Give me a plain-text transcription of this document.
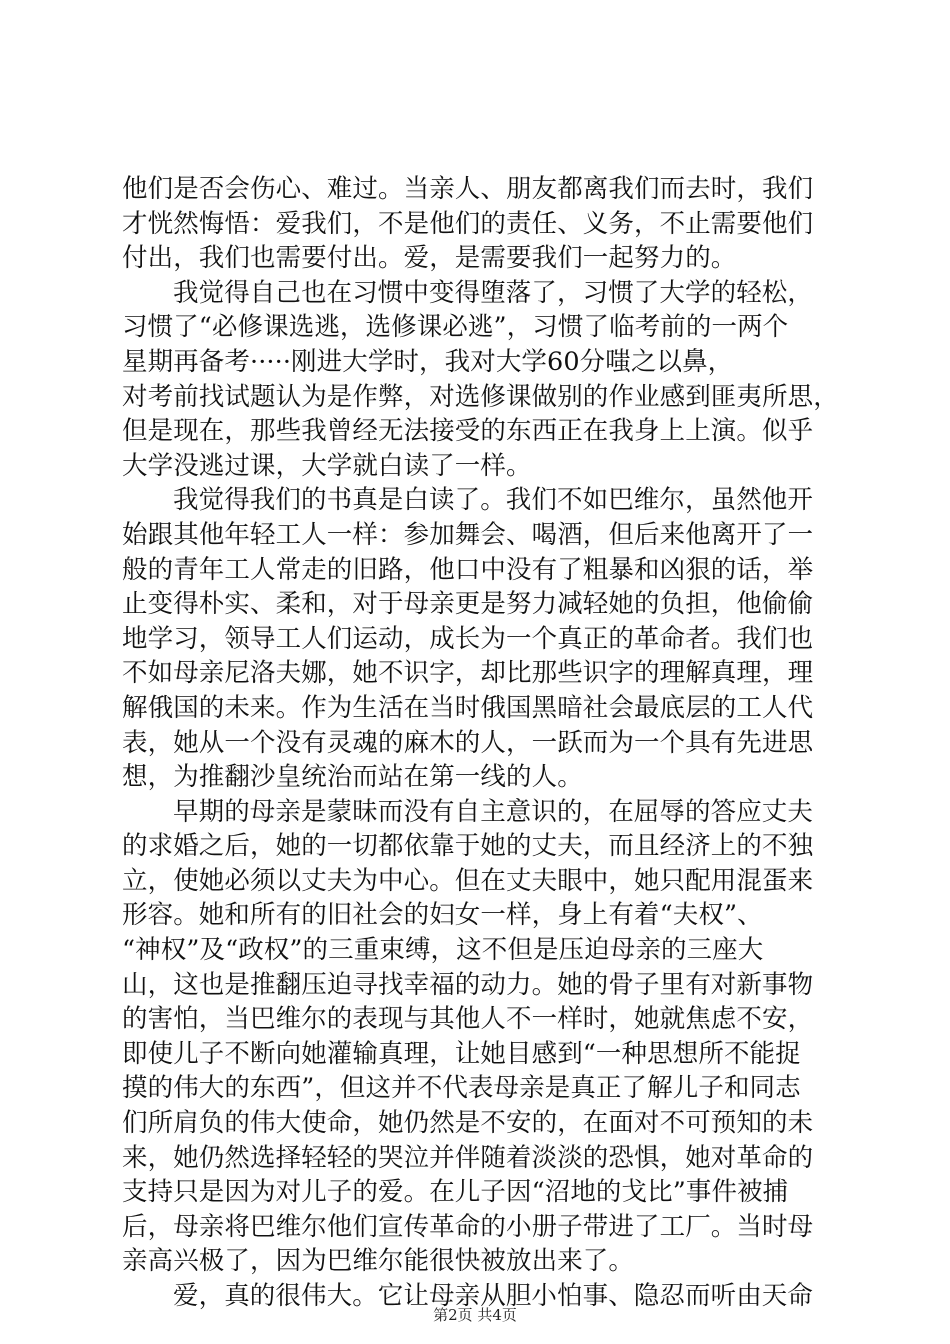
他们是否会伤心、难过。当亲人、朋友都离我们而去时，我们
才恍然悔悟：爱我们，不是他们的责任、义务，不止需要他们
付出，我们也需要付出。爱，是需要我们一起努力的。
我觉得自己也在习惯中变得堕落了，习惯了大学的轻松，
习惯了“必修课选逃，选修课必逃”，习惯了临考前的一两个
星期再备考·····刚进大学时，我对大学60分嗤之以鼻，
对考前找试题认为是作弊，对选修课做别的作业感到匪夷所思，
但是现在，那些我曾经无法接受的东西正在我身上上演。似乎
大学没逃过课，大学就白读了一样。
我觉得我们的书真是白读了。我们不如巴维尔，虽然他开
始跟其他年轻工人一样：参加舞会、喝酒，但后来他离开了一
般的青年工人常走的旧路，他口中没有了粗暴和凶狠的话，举
止变得朴实、柔和，对于母亲更是努力减轻她的负担，他偷偷
地学习，领导工人们运动，成长为一个真正的革命者。我们也
不如母亲尼洛夫娜，她不识字，却比那些识字的理解真理，理
解俄国的未来。作为生活在当时俄国黑暗社会最底层的工人代
表，她从一个没有灵魂的麻木的人，一跃而为一个具有先进思
想，为推翻沙皇统治而站在第一线的人。
早期的母亲是蒙昧而没有自主意识的，在屈辱的答应丈夫
的求婚之后，她的一切都依靠于她的丈夫，而且经济上的不独
立，使她必须以丈夫为中心。但在丈夫眼中，她只配用混蛋来
形容。她和所有的旧社会的妇女一样，身上有着“夫权”、
“神权”及“政权”的三重束缚，这不但是压迫母亲的三座大
山，这也是推翻压迫寻找幸福的动力。她的骨子里有对新事物
的害怕，当巴维尔的表现与其他人不一样时，她就焦虑不安，
即使儿子不断向她灌输真理，让她目感到“一种思想所不能捉
摸的伟大的东西”，但这并不代表母亲是真正了解儿子和同志
们所肩负的伟大使命，她仍然是不安的，在面对不可预知的未
来，她仍然选择轻轻的哭泣并伴随着淡淡的恐惧，她对革命的
支持只是因为对儿子的爱。在儿子因“沼地的戈比”事件被捕
后，母亲将巴维尔他们宣传革命的小册子带进了工厂。当时母
亲高兴极了，因为巴维尔能很快被放出来了。
爱，真的很伟大。它让母亲从胆小怕事、隐忍而听由天命
第2页 共4页
